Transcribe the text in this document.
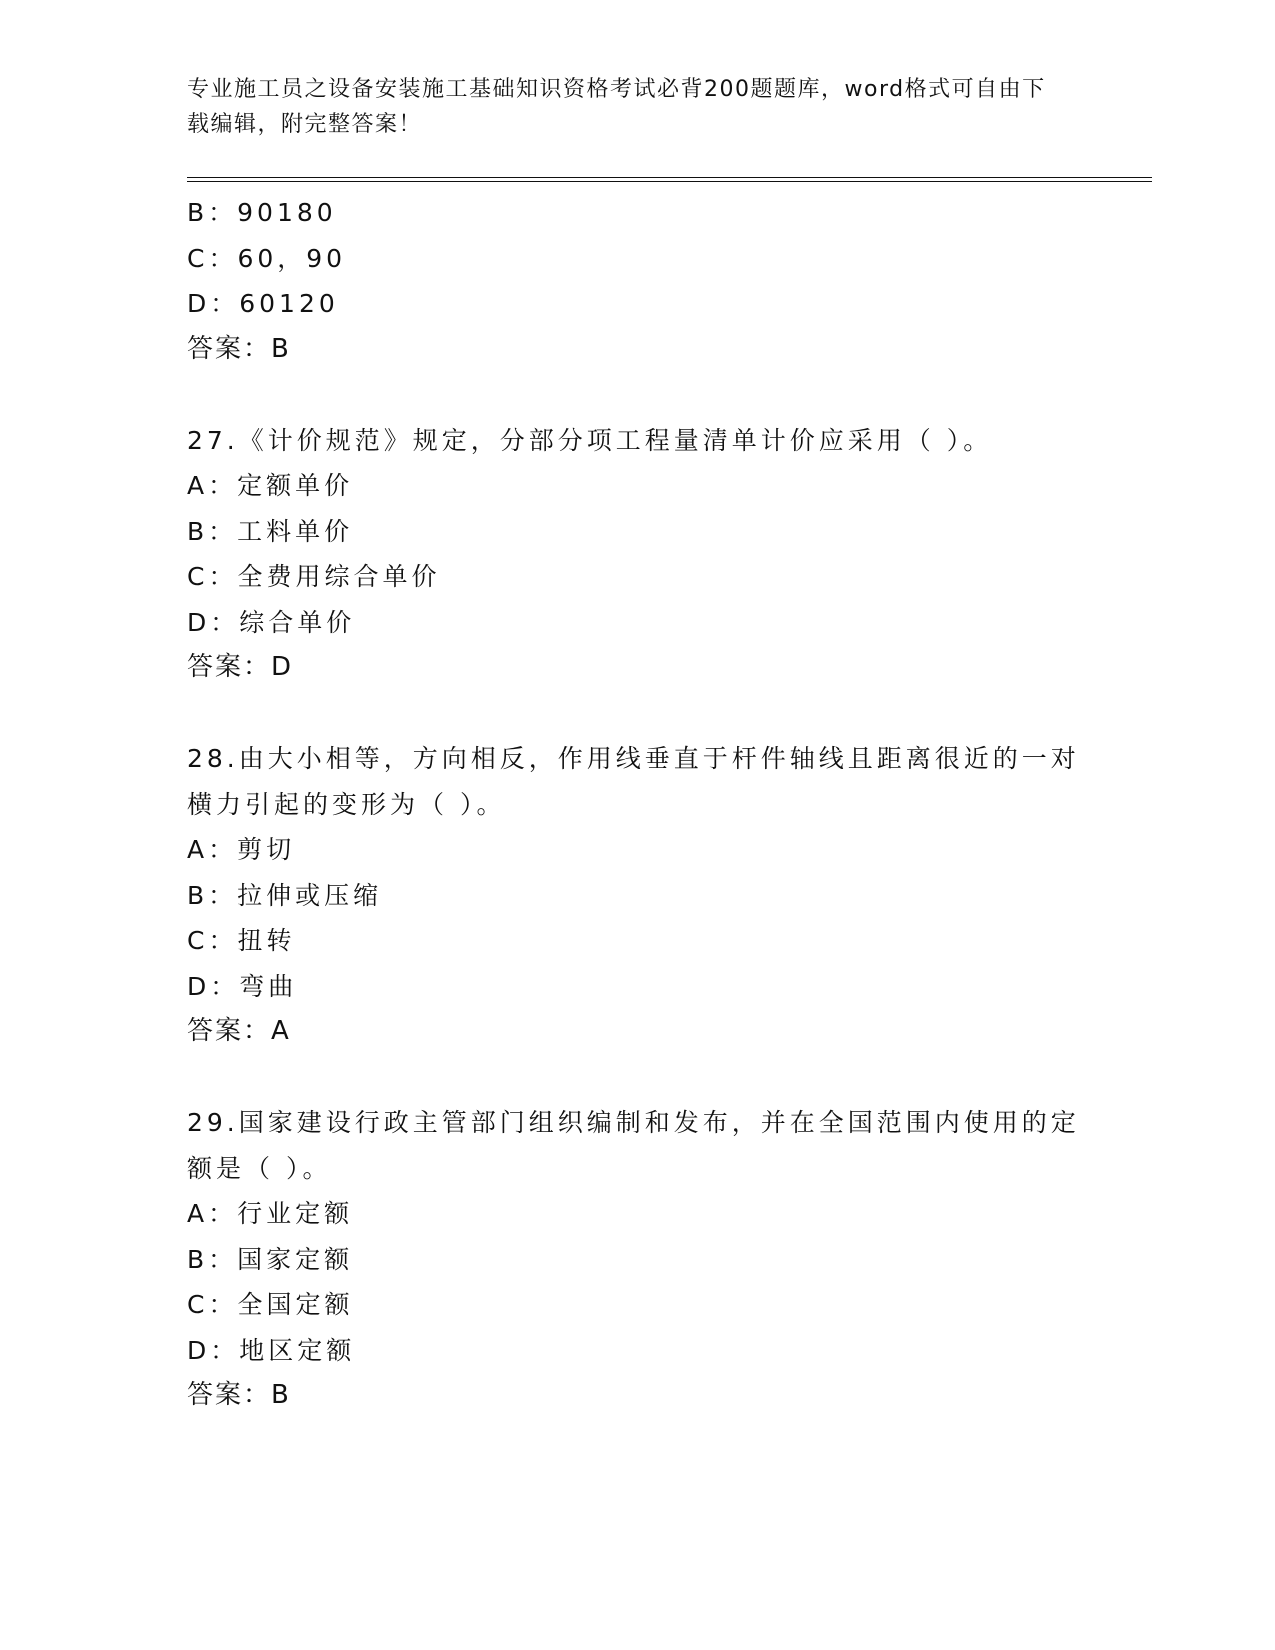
专业施工员之设备安装施工基础知识资格考试必背200题题库，word格式可自由下载编辑，附完整答案！
B：90180
C：60，90
D：60120
答案：B
27.《计价规范》规定，分部分项工程量清单计价应采用（ ）。
A：定额单价
B：工料单价
C：全费用综合单价
D：综合单价
答案：D
28.由大小相等，方向相反，作用线垂直于杆件轴线且距离很近的一对
横力引起的变形为（ ）。
A：剪切
B：拉伸或压缩
C：扭转
D：弯曲
答案：A
29.国家建设行政主管部门组织编制和发布，并在全国范围内使用的定
额是（ ）。
A：行业定额
B：国家定额
C：全国定额
D：地区定额
答案：B
